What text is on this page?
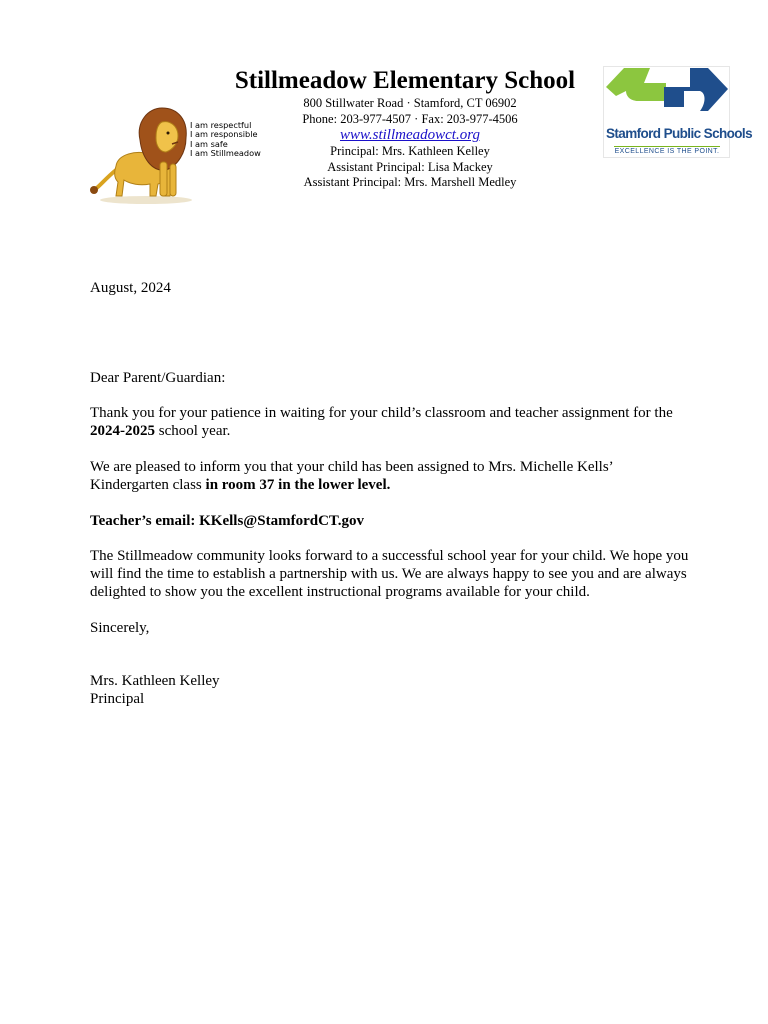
I am respectful
I am responsible
I am safe
I am Stillmeadow
Stillmeadow Elementary School
800 Stillwater Road · Stamford, CT 06902
Phone: 203-977-4507 · Fax: 203-977-4506
www.stillmeadowct.org
Principal: Mrs. Kathleen Kelley
Assistant Principal: Lisa Mackey
Assistant Principal: Mrs. Marshell Medley
Stamford Public Schools
EXCELLENCE IS THE POINT.
August, 2024
Dear Parent/Guardian:
Thank you for your patience in waiting for your child’s classroom and teacher assignment for the 2024-2025 school year.
We are pleased to inform you that your child has been assigned to Mrs. Michelle Kells’ Kindergarten class in room 37 in the lower level.
Teacher’s email: KKells@StamfordCT.gov
The Stillmeadow community looks forward to a successful school year for your child. We hope you will find the time to establish a partnership with us. We are always happy to see you and are always delighted to show you the excellent instructional programs available for your child.
Sincerely,
Mrs. Kathleen Kelley
Principal
